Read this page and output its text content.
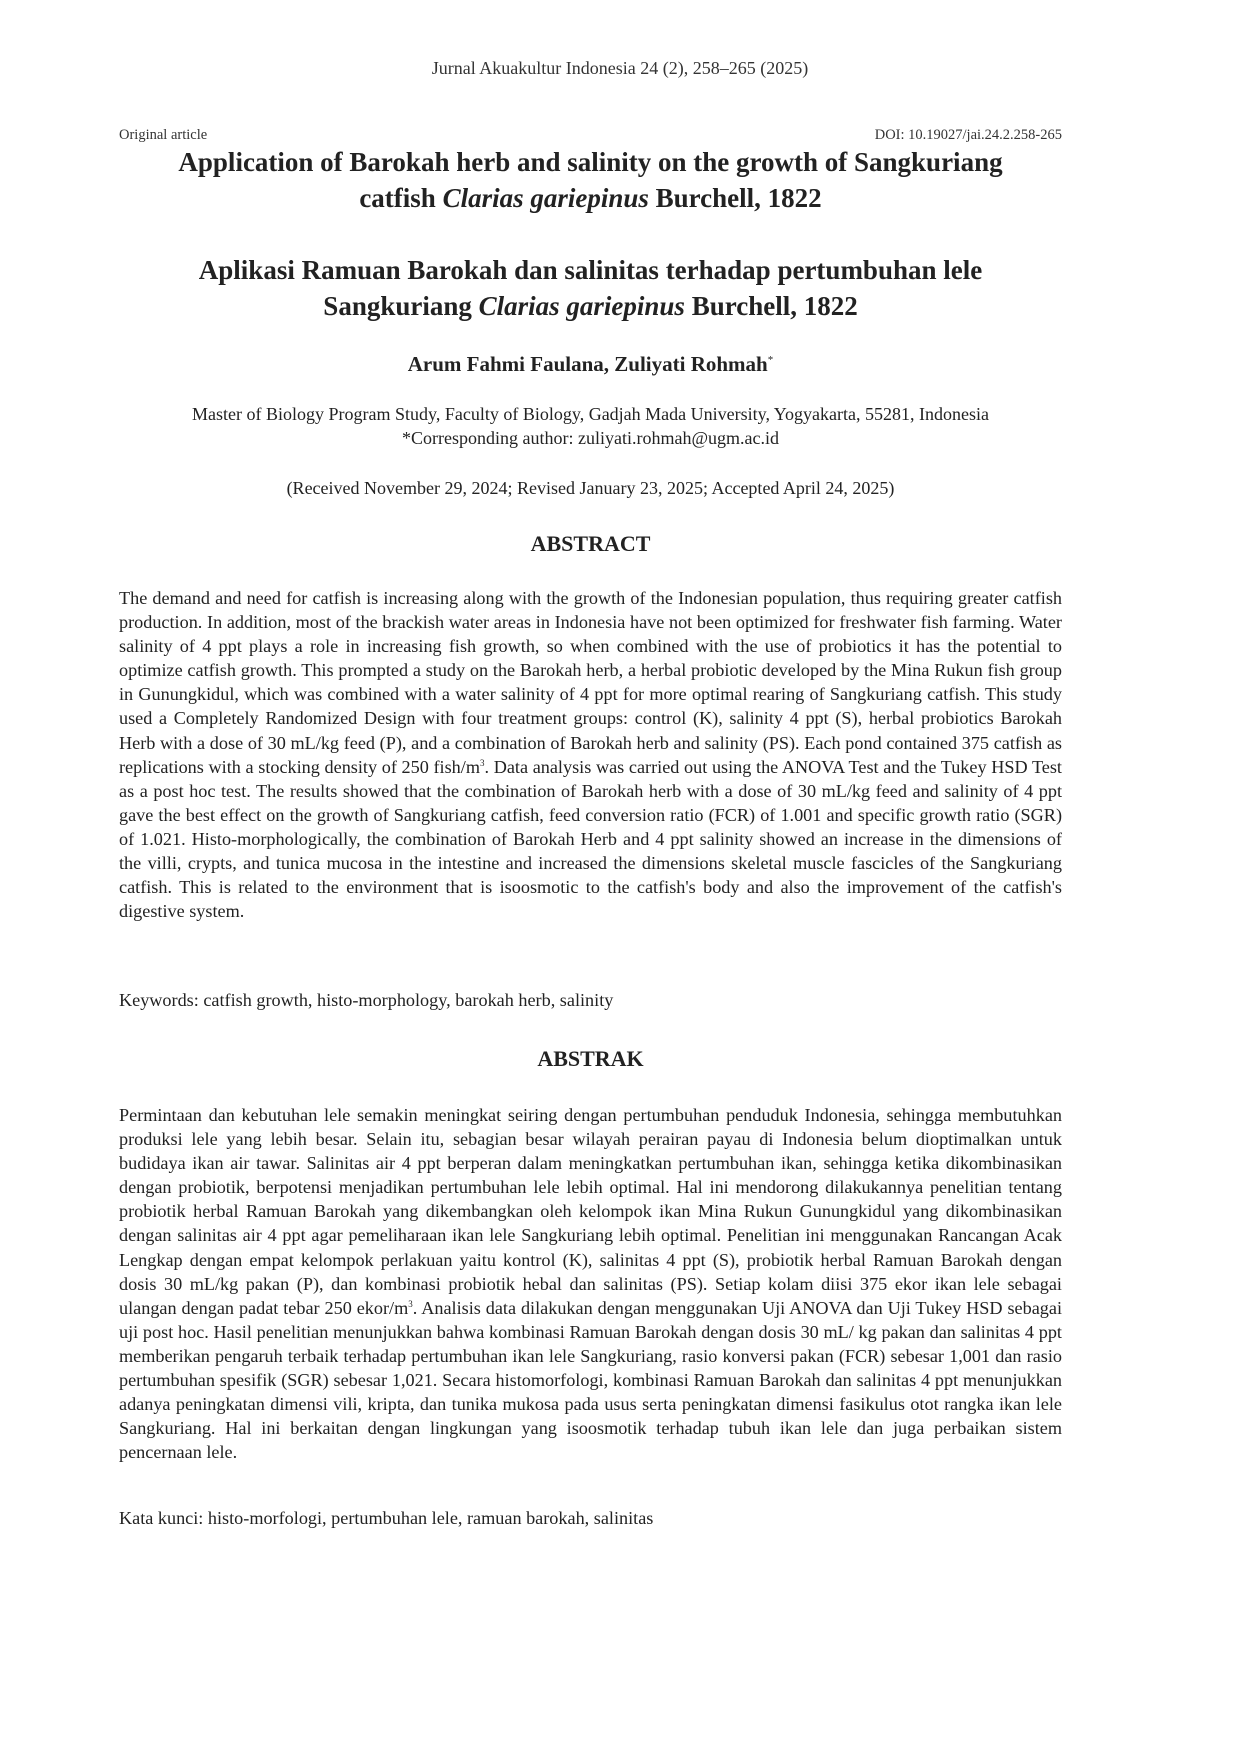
Jurnal Akuakultur Indonesia 24 (2), 258–265 (2025)
Original article	DOI: 10.19027/jai.24.2.258-265
Application of Barokah herb and salinity on the growth of Sangkuriang
catfish Clarias gariepinus Burchell, 1822
Aplikasi Ramuan Barokah dan salinitas terhadap pertumbuhan lele
Sangkuriang Clarias gariepinus Burchell, 1822
Arum Fahmi Faulana, Zuliyati Rohmah*
Master of Biology Program Study, Faculty of Biology, Gadjah Mada University, Yogyakarta, 55281, Indonesia
*Corresponding author: zuliyati.rohmah@ugm.ac.id
(Received November 29, 2024; Revised January 23, 2025; Accepted April 24, 2025)
ABSTRACT
The demand and need for catfish is increasing along with the growth of the Indonesian population, thus requiring greater catfish production. In addition, most of the brackish water areas in Indonesia have not been optimized for freshwater fish farming. Water salinity of 4 ppt plays a role in increasing fish growth, so when combined with the use of probiotics it has the potential to optimize catfish growth. This prompted a study on the Barokah herb, a herbal probiotic developed by the Mina Rukun fish group in Gunungkidul, which was combined with a water salinity of 4 ppt for more optimal rearing of Sangkuriang catfish. This study used a Completely Randomized Design with four treatment groups: control (K), salinity 4 ppt (S), herbal probiotics Barokah Herb with a dose of 30 mL/kg feed (P), and a combination of Barokah herb and salinity (PS). Each pond contained 375 catfish as replications with a stocking density of 250 fish/$m^3$. Data analysis was carried out using the ANOVA Test and the Tukey HSD Test as a post hoc test. The results showed that the combination of Barokah herb with a dose of 30 mL/kg feed and salinity of 4 ppt gave the best effect on the growth of Sangkuriang catfish, feed conversion ratio (FCR) of 1.001 and specific growth ratio (SGR) of 1.021. Histo-morphologically, the combination of Barokah Herb and 4 ppt salinity showed an increase in the dimensions of the villi, crypts, and tunica mucosa in the intestine and increased the dimensions skeletal muscle fascicles of the Sangkuriang catfish. This is related to the environment that is isoosmotic to the catfish's body and also the improvement of the catfish's digestive system.
Keywords: catfish growth, histo-morphology, barokah herb, salinity
ABSTRAK
Permintaan dan kebutuhan lele semakin meningkat seiring dengan pertumbuhan penduduk Indonesia, sehingga membutuhkan produksi lele yang lebih besar. Selain itu, sebagian besar wilayah perairan payau di Indonesia belum dioptimalkan untuk budidaya ikan air tawar. Salinitas air 4 ppt berperan dalam meningkatkan pertumbuhan ikan, sehingga ketika dikombinasikan dengan probiotik, berpotensi menjadikan pertumbuhan lele lebih optimal. Hal ini mendorong dilakukannya penelitian tentang probiotik herbal Ramuan Barokah yang dikembangkan oleh kelompok ikan Mina Rukun Gunungkidul yang dikombinasikan dengan salinitas air 4 ppt agar pemeliharaan ikan lele Sangkuriang lebih optimal. Penelitian ini menggunakan Rancangan Acak Lengkap dengan empat kelompok perlakuan yaitu kontrol (K), salinitas 4 ppt (S), probiotik herbal Ramuan Barokah dengan dosis 30 mL/kg pakan (P), dan kombinasi probiotik hebal dan salinitas (PS). Setiap kolam diisi 375 ekor ikan lele sebagai ulangan dengan padat tebar 250 ekor/$m^3$. Analisis data dilakukan dengan menggunakan Uji ANOVA dan Uji Tukey HSD sebagai uji post hoc. Hasil penelitian menunjukkan bahwa kombinasi Ramuan Barokah dengan dosis 30 mL/ kg pakan dan salinitas 4 ppt memberikan pengaruh terbaik terhadap pertumbuhan ikan lele Sangkuriang, rasio konversi pakan (FCR) sebesar 1,001 dan rasio pertumbuhan spesifik (SGR) sebesar 1,021. Secara histomorfologi, kombinasi Ramuan Barokah dan salinitas 4 ppt menunjukkan adanya peningkatan dimensi vili, kripta, dan tunika mukosa pada usus serta peningkatan dimensi fasikulus otot rangka ikan lele Sangkuriang. Hal ini berkaitan dengan lingkungan yang isoosmotik terhadap tubuh ikan lele dan juga perbaikan sistem pencernaan lele.
Kata kunci: histo-morfologi, pertumbuhan lele, ramuan barokah, salinitas
